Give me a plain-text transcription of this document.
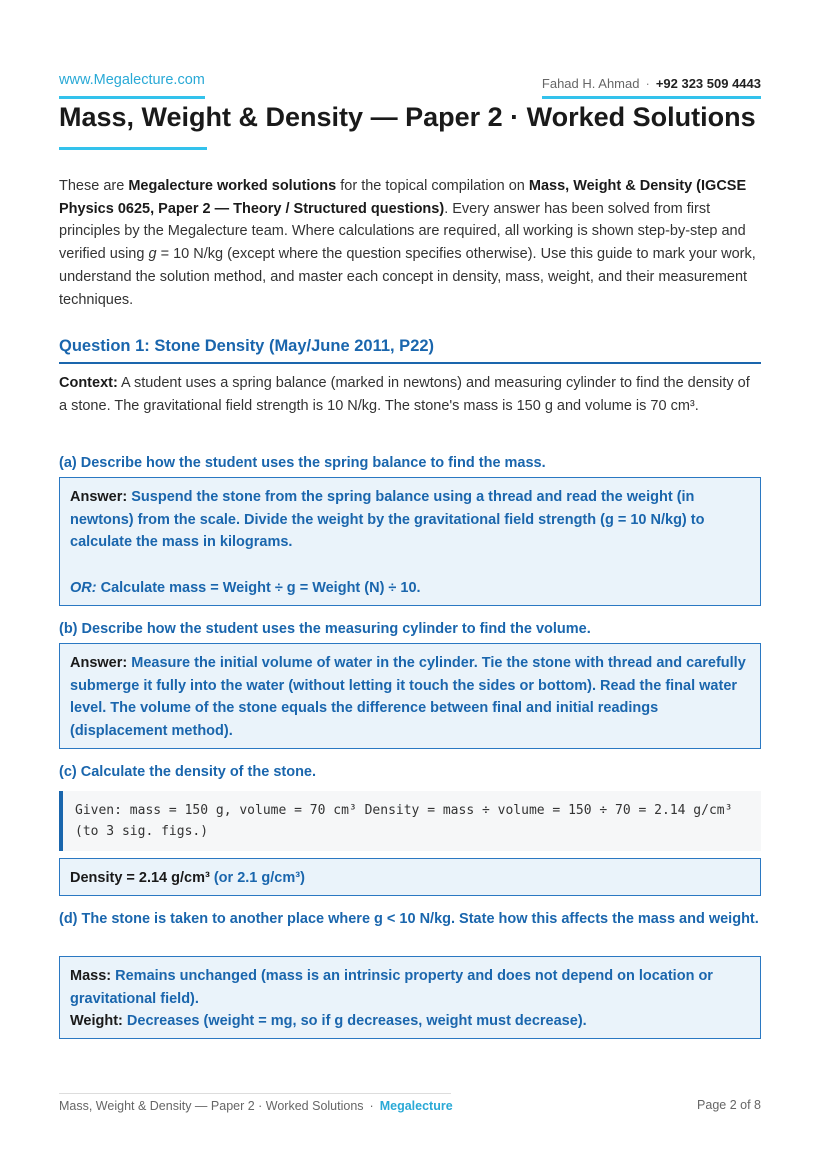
www.Megalecture.com	Fahad H. Ahmad · +92 323 509 4443
Mass, Weight & Density — Paper 2 · Worked Solutions

These are Megalecture worked solutions for the topical compilation on Mass, Weight & Density (IGCSE Physics 0625, Paper 2 — Theory / Structured questions). Every answer has been solved from first principles by the Megalecture team. Where calculations are required, all working is shown step-by-step and verified using g = 10 N/kg (except where the question specifies otherwise). Use this guide to mark your work, understand the solution method, and master each concept in density, mass, weight, and their measurement techniques.

Question 1: Stone Density (May/June 2011, P22)

Context: A student uses a spring balance (marked in newtons) and measuring cylinder to find the density of a stone. The gravitational field strength is 10 N/kg. The stone's mass is 150 g and volume is 70 cm³.

(a) Describe how the student uses the spring balance to find the mass.

Answer: Suspend the stone from the spring balance using a thread and read the weight (in newtons) from the scale. Divide the weight by the gravitational field strength (g = 10 N/kg) to calculate the mass in kilograms.
OR: Calculate mass = Weight ÷ g = Weight (N) ÷ 10.

(b) Describe how the student uses the measuring cylinder to find the volume.

Answer: Measure the initial volume of water in the cylinder. Tie the stone with thread and carefully submerge it fully into the water (without letting it touch the sides or bottom). Read the final water level. The volume of the stone equals the difference between final and initial readings (displacement method).

(c) Calculate the density of the stone.

Given: mass = 150 g, volume = 70 cm³ Density = mass ÷ volume = 150 ÷ 70 = 2.14 g/cm³ (to 3 sig. figs.)
Density = 2.14 g/cm³ (or 2.1 g/cm³)

(d) The stone is taken to another place where g < 10 N/kg. State how this affects the mass and weight.

Mass: Remains unchanged (mass is an intrinsic property and does not depend on location or gravitational field).
Weight: Decreases (weight = mg, so if g decreases, weight must decrease).
Mass, Weight & Density — Paper 2 · Worked Solutions · Megalecture	Page 2 of 8
